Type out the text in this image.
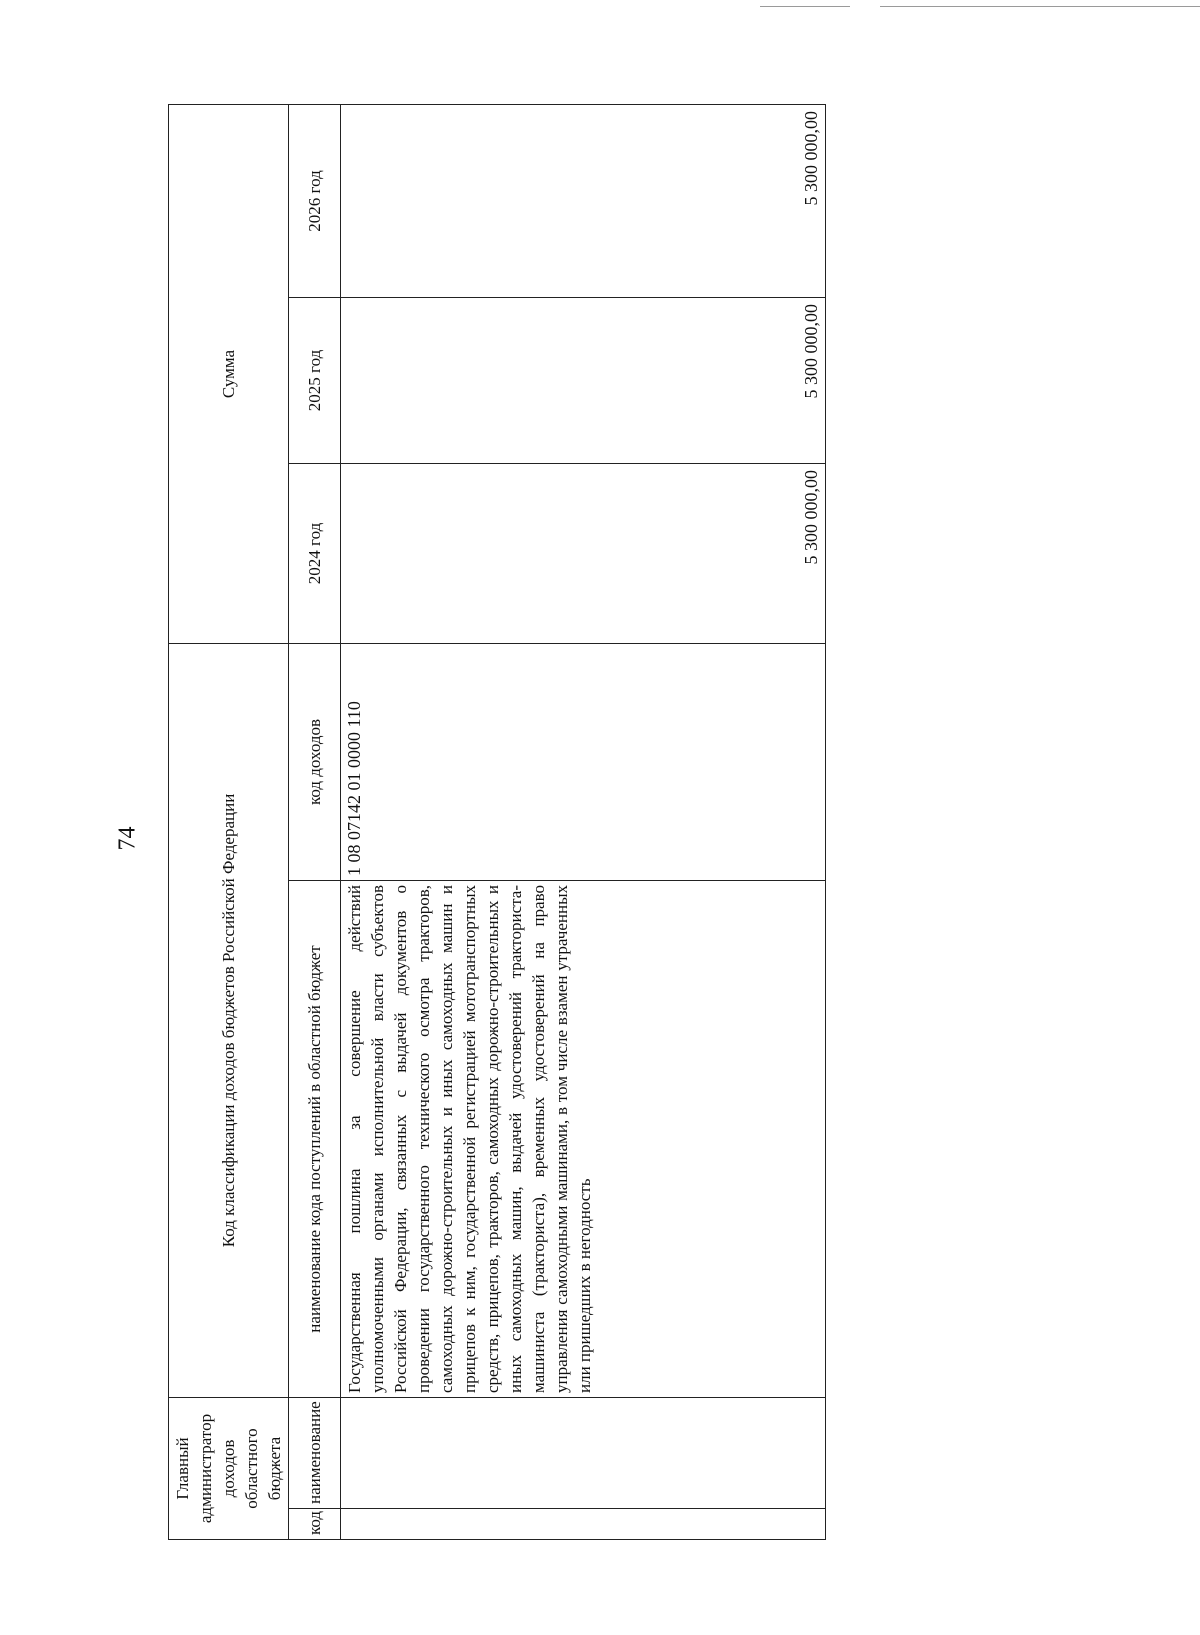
74
Главный администратор доходов областного бюджета		Код классификации доходов бюджетов Российской Федерации		Сумма		
код	наименование	наименование кода поступлений в областной бюджет	код доходов	2024 год	2025 год	2026 год
		Государственная пошлина за совершение действий уполномоченными органами исполнительной власти субъектов Российской Федерации, связанных с выдачей документов о проведении государственного технического осмотра тракторов, самоходных дорожно-строительных и иных самоходных машин и прицепов к ним, государственной регистрацией мототранспортных средств, прицепов, тракторов, самоходных дорожно-строительных и иных самоходных машин, выдачей удостоверений тракториста-машиниста (тракториста), временных удостоверений на право управления самоходными машинами, в том числе взамен утраченных или пришедших в негодность	1 08 07142 01 0000 110	5 300 000,00	5 300 000,00	5 300 000,00
